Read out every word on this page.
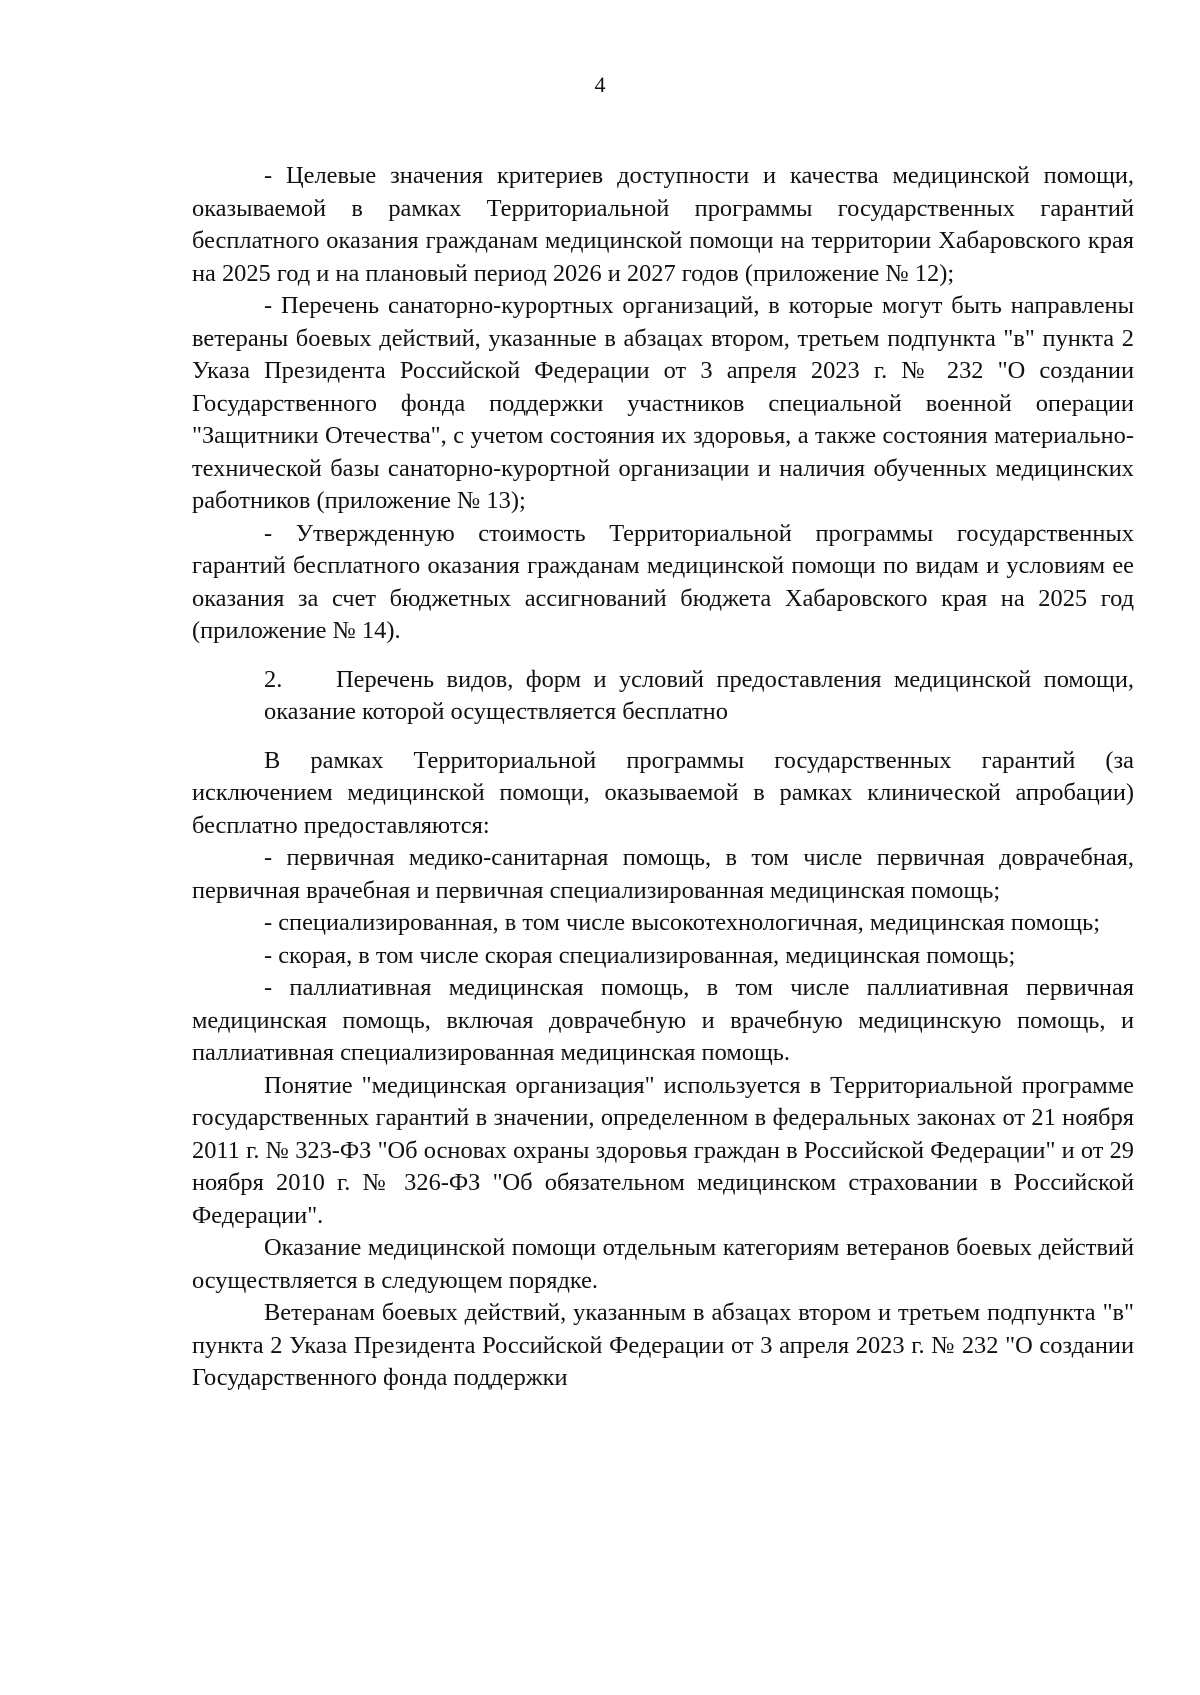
4

- Целевые значения критериев доступности и качества медицинской помощи, оказываемой в рамках Территориальной программы государственных гарантий бесплатного оказания гражданам медицинской помощи на территории Хабаровского края на 2025 год и на плановый период 2026 и 2027 годов (приложение № 12);

- Перечень санаторно-курортных организаций, в которые могут быть направлены ветераны боевых действий, указанные в абзацах втором, третьем подпункта "в" пункта 2 Указа Президента Российской Федерации от 3 апреля 2023 г. № 232 "О создании Государственного фонда поддержки участников специальной военной операции "Защитники Отечества", с учетом состояния их здоровья, а также состояния материально-технической базы санаторно-курортной организации и наличия обученных медицинских работников (приложение № 13);

- Утвержденную стоимость Территориальной программы государственных гарантий бесплатного оказания гражданам медицинской помощи по видам и условиям ее оказания за счет бюджетных ассигнований бюджета Хабаровского края на 2025 год (приложение № 14).

2. Перечень видов, форм и условий предоставления медицинской помощи, оказание которой осуществляется бесплатно

В рамках Территориальной программы государственных гарантий (за исключением медицинской помощи, оказываемой в рамках клинической апробации) бесплатно предоставляются:

- первичная медико-санитарная помощь, в том числе первичная доврачебная, первичная врачебная и первичная специализированная медицинская помощь;

- специализированная, в том числе высокотехнологичная, медицинская помощь;

- скорая, в том числе скорая специализированная, медицинская помощь;

- паллиативная медицинская помощь, в том числе паллиативная первичная медицинская помощь, включая доврачебную и врачебную медицинскую помощь, и паллиативная специализированная медицинская помощь.

Понятие "медицинская организация" используется в Территориальной программе государственных гарантий в значении, определенном в федеральных законах от 21 ноября 2011 г. № 323-ФЗ "Об основах охраны здоровья граждан в Российской Федерации" и от 29 ноября 2010 г. № 326-ФЗ "Об обязательном медицинском страховании в Российской Федерации".

Оказание медицинской помощи отдельным категориям ветеранов боевых действий осуществляется в следующем порядке.

Ветеранам боевых действий, указанным в абзацах втором и третьем подпункта "в" пункта 2 Указа Президента Российской Федерации от 3 апреля 2023 г. № 232 "О создании Государственного фонда поддержки
